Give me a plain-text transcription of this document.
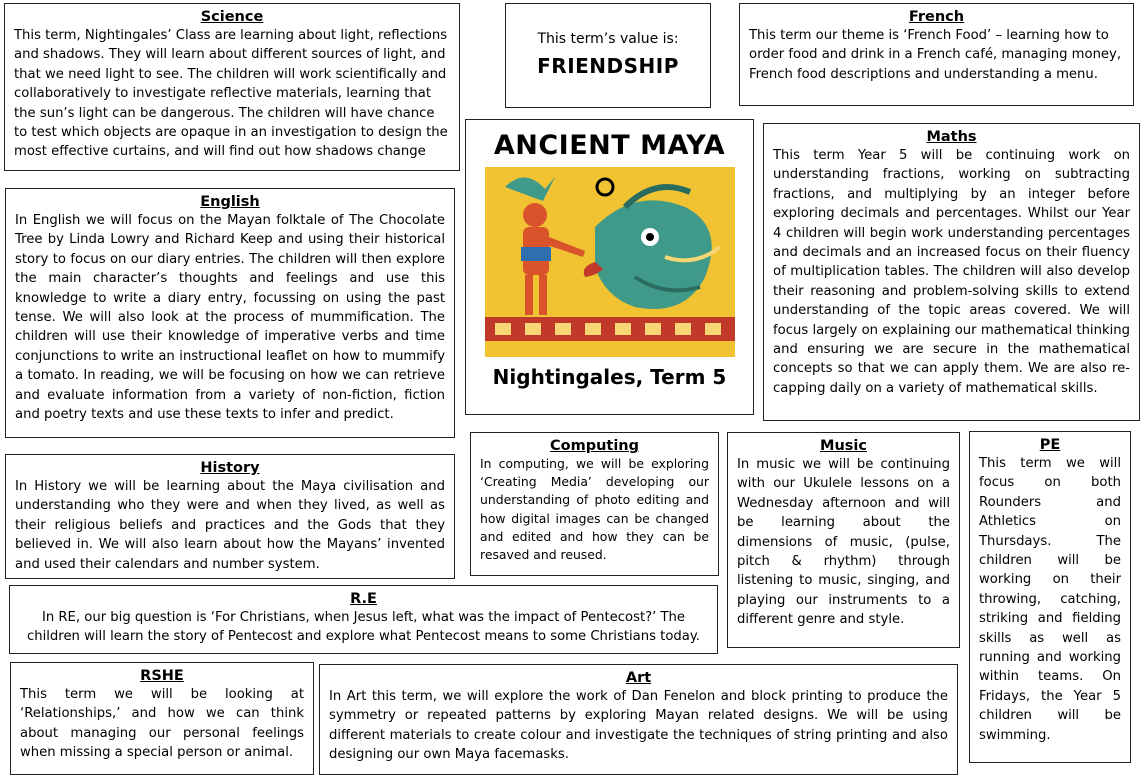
Science

This term, Nightingales’ Class are learning about light, reflections and shadows. They will learn about different sources of light, and that we need light to see. The children will work scientifically and collaboratively to investigate reflective materials, learning that the sun’s light can be dangerous. The children will have chance to test which objects are opaque in an investigation to design the most effective curtains, and will find out how shadows change

This term’s value is:
FRIENDSHIP
French

This term our theme is ‘French Food’ – learning how to order food and drink in a French café, managing money, French food descriptions and understanding a menu.

English

In English we will focus on the Mayan folktale of The Chocolate Tree by Linda Lowry and Richard Keep and using their historical story to focus on our diary entries. The children will then explore the main character’s thoughts and feelings and use this knowledge to write a diary entry, focussing on using the past tense. We will also look at the process of mummification. The children will use their knowledge of imperative verbs and time conjunctions to write an instructional leaflet on how to mummify a tomato. In reading, we will be focusing on how we can retrieve and evaluate information from a variety of non-fiction, fiction and poetry texts and use these texts to infer and predict.

ANCIENT MAYA
Nightingales, Term 5
Maths

This term Year 5 will be continuing work on understanding fractions, working on subtracting fractions, and multiplying by an integer before exploring decimals and percentages. Whilst our Year 4 children will begin work understanding percentages and decimals and an increased focus on their fluency of multiplication tables. The children will also develop their reasoning and problem-solving skills to extend understanding of the topic areas covered. We will focus largely on explaining our mathematical thinking and ensuring we are secure in the mathematical concepts so that we can apply them. We are also re-capping daily on a variety of mathematical skills.

History

In History we will be learning about the Maya civilisation and understanding who they were and when they lived, as well as their religious beliefs and practices and the Gods that they believed in. We will also learn about how the Mayans’ invented and used their calendars and number system.

Computing

In computing, we will be exploring ‘Creating Media’ developing our understanding of photo editing and how digital images can be changed and edited and how they can be resaved and reused.

Music

In music we will be continuing with our Ukulele lessons on a Wednesday afternoon and will be learning about the dimensions of music, (pulse, pitch & rhythm) through listening to music, singing, and playing our instruments to a different genre and style.

PE

This term we will focus on both Rounders and Athletics on Thursdays. The children will be working on their throwing, catching, striking and fielding skills as well as running and working within teams. On Fridays, the Year 5 children will be swimming.

R.E

In RE, our big question is ‘For Christians, when Jesus left, what was the impact of Pentecost?’ The children will learn the story of Pentecost and explore what Pentecost means to some Christians today.

RSHE

This term we will be looking at ‘Relationships,’ and how we can think about managing our personal feelings when missing a special person or animal.

Art

In Art this term, we will explore the work of Dan Fenelon and block printing to produce the symmetry or repeated patterns by exploring Mayan related designs. We will be using different materials to create colour and investigate the techniques of string printing and also designing our own Maya facemasks.
